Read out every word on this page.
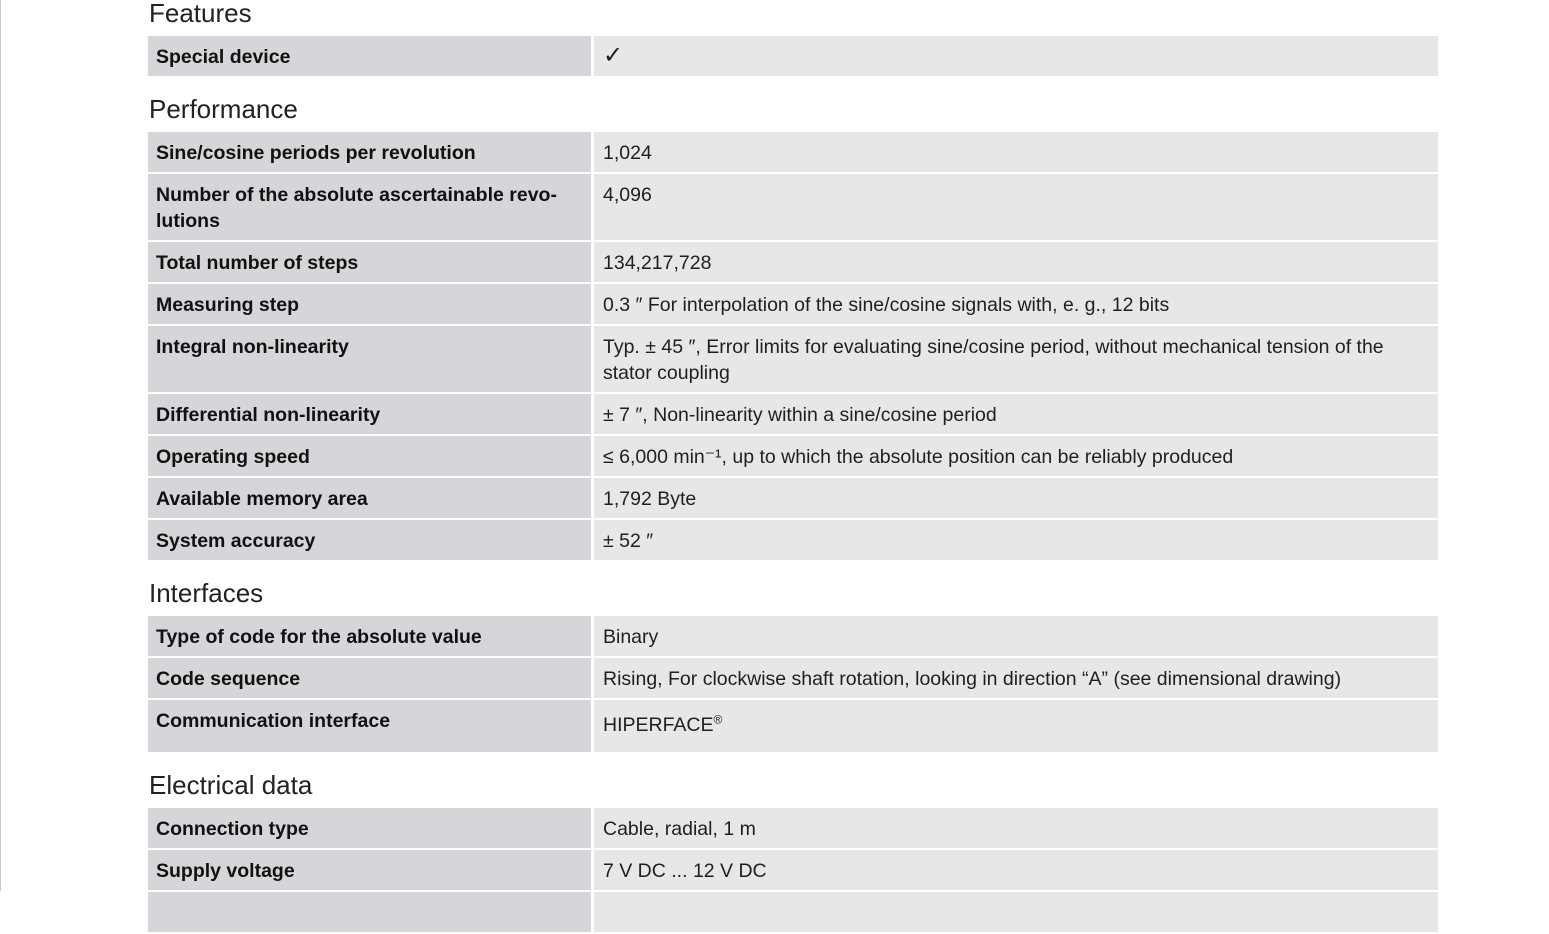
Features
Special device	✓
Performance
Sine/cosine periods per revolution	1,024
Number of the absolute ascertainable revo-
lutions	4,096
Total number of steps	134,217,728
Measuring step	0.3 ″ For interpolation of the sine/cosine signals with, e. g., 12 bits
Integral non-linearity	Typ. ± 45 ″, Error limits for evaluating sine/cosine period, without mechanical tension of the
stator coupling
Differential non-linearity	± 7 ″, Non-linearity within a sine/cosine period
Operating speed	≤ 6,000 min⁻¹, up to which the absolute position can be reliably produced
Available memory area	1,792 Byte
System accuracy	± 52 ″
Interfaces
Type of code for the absolute value	Binary
Code sequence	Rising, For clockwise shaft rotation, looking in direction “A” (see dimensional drawing)
Communication interface	HIPERFACE®
Electrical data
Connection type	Cable, radial, 1 m
Supply voltage	7 V DC ... 12 V DC
